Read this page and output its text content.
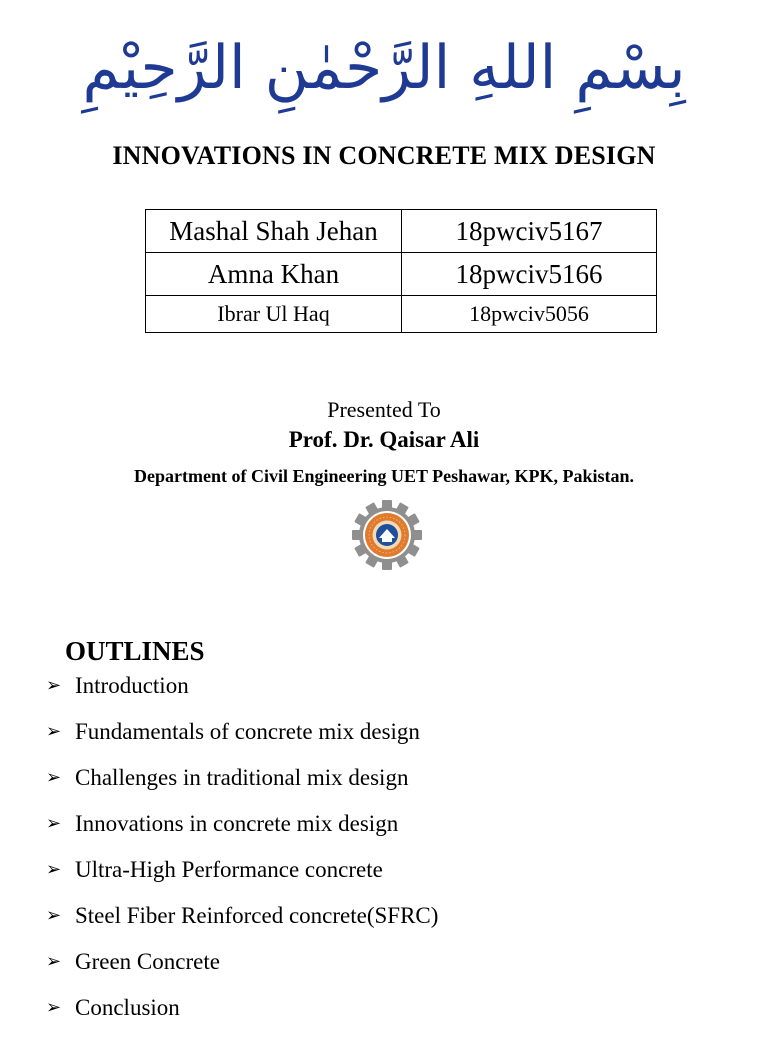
بِسْمِ اللهِ الرَّحْمٰنِ الرَّحِيْمِ
INNOVATIONS IN CONCRETE MIX DESIGN
Mashal Shah Jehan	18pwciv5167
Amna Khan	18pwciv5166
Ibrar Ul Haq	18pwciv5056
Presented To
Prof. Dr. Qaisar Ali
Department of Civil Engineering UET Peshawar, KPK, Pakistan.
OUTLINES
➢ Introduction
➢ Fundamentals of concrete mix design
➢ Challenges in traditional mix design
➢ Innovations in concrete mix design
➢ Ultra-High Performance concrete
➢ Steel Fiber Reinforced concrete(SFRC)
➢ Green Concrete
➢ Conclusion
